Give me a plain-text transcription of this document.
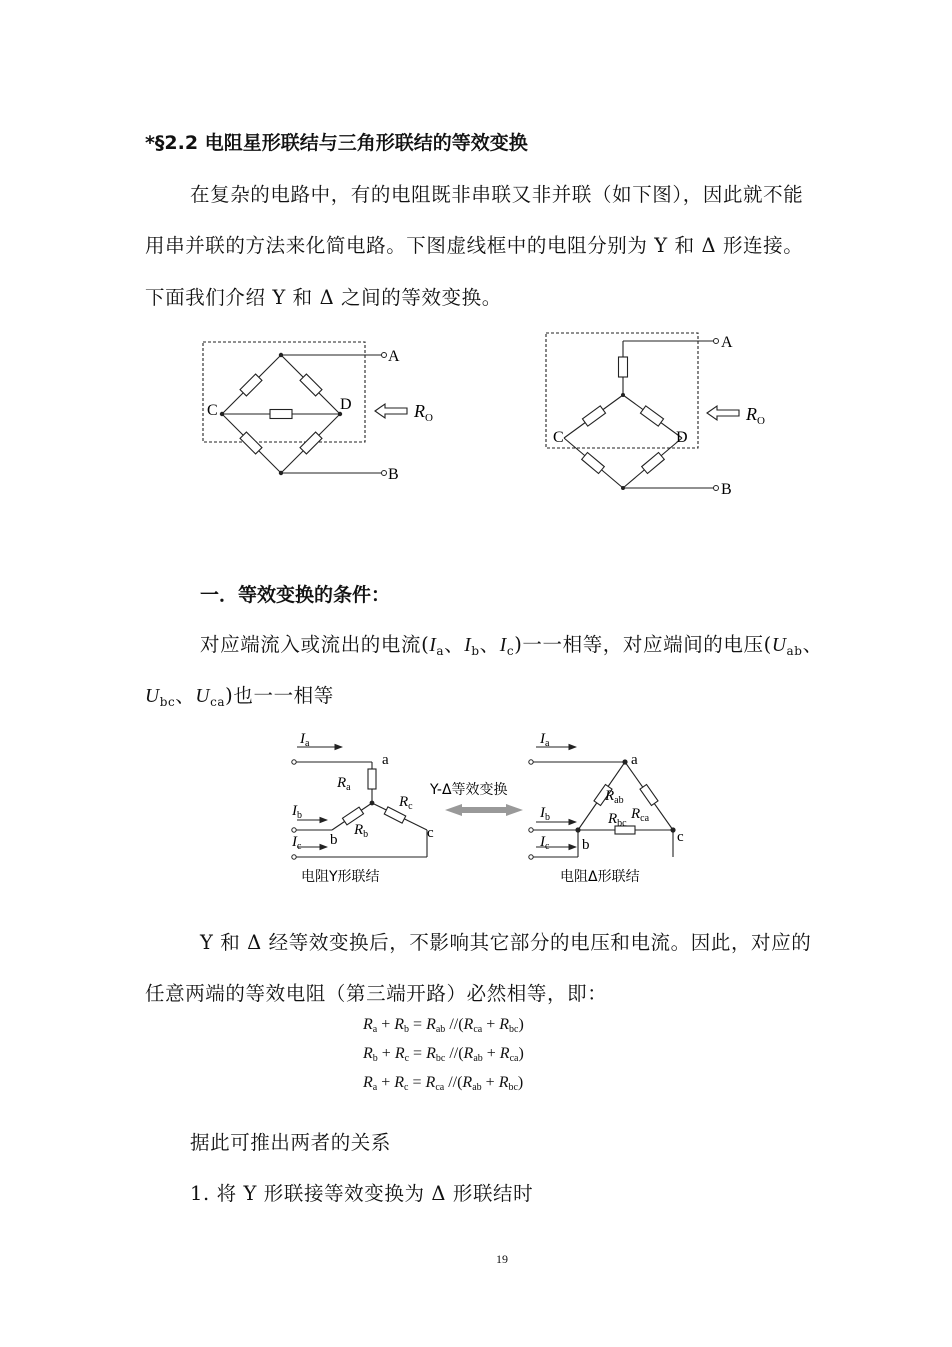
*§2.2 电阻星形联结与三角形联结的等效变换
在复杂的电路中，有的电阻既非串联又非并联（如下图），因此就不能
用串并联的方法来化简电路。下图虚线框中的电阻分别为 Y 和 Δ 形连接。
下面我们介绍 Y 和 Δ 之间的等效变换。
A
B
C	D	$R_O$
A
B
C	D
$R_O$
一．等效变换的条件：
对应端流入或流出的电流($I_a$、$I_b$、$I_c$)一一相等，对应端间的电压($U_{ab}$、
$U_{bc}$、$U_{ca}$)也一一相等
$I_a$
$I_b$
$I_c$
a
b	c
$R_a$
$R_b$
$R_c$
电阻Y形联结
Y-Δ等效变换
$I_a$
$I_b$
$I_c$
a
b	c
$R_{ab}$
$R_{ca}$
$R_{bc}$
电阻Δ形联结
Y 和 Δ 经等效变换后，不影响其它部分的电压和电流。因此，对应的
任意两端的等效电阻（第三端开路）必然相等，即：
Ra + Rb = Rab //(Rca + Rbc)
Rb + Rc = Rbc //(Rab + Rca)
Ra + Rc = Rca //(Rab + Rbc)
据此可推出两者的关系
1. 将 Y 形联接等效变换为 Δ 形联结时
19
